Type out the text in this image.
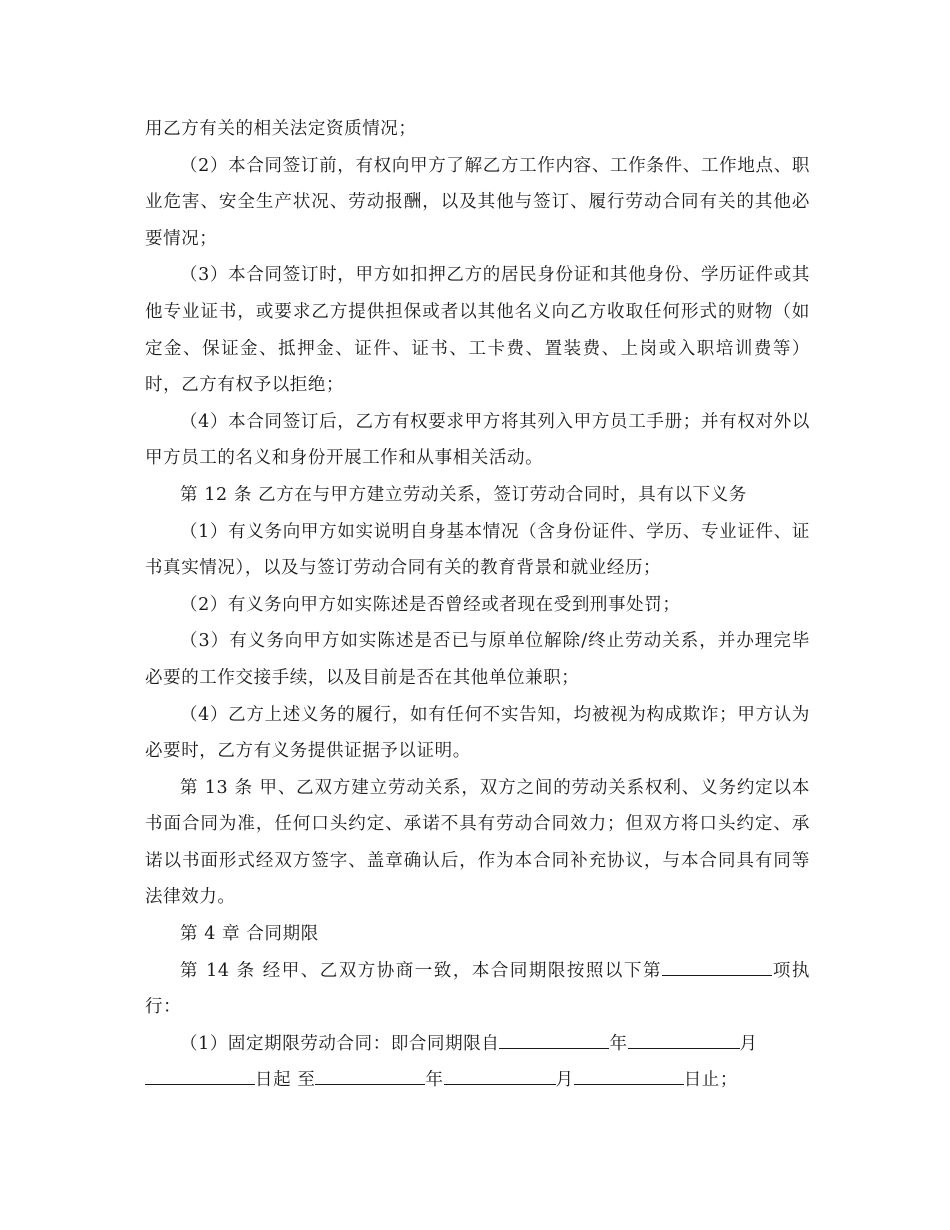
用乙方有关的相关法定资质情况；

（2）本合同签订前，有权向甲方了解乙方工作内容、工作条件、工作地点、职业危害、安全生产状况、劳动报酬，以及其他与签订、履行劳动合同有关的其他必要情况；

（3）本合同签订时，甲方如扣押乙方的居民身份证和其他身份、学历证件或其他专业证书，或要求乙方提供担保或者以其他名义向乙方收取任何形式的财物（如定金、保证金、抵押金、证件、证书、工卡费、置装费、上岗或入职培训费等）时，乙方有权予以拒绝；

（4）本合同签订后，乙方有权要求甲方将其列入甲方员工手册；并有权对外以甲方员工的名义和身份开展工作和从事相关活动。

第 12 条 乙方在与甲方建立劳动关系，签订劳动合同时，具有以下义务

（1）有义务向甲方如实说明自身基本情况（含身份证件、学历、专业证件、证书真实情况），以及与签订劳动合同有关的教育背景和就业经历；

（2）有义务向甲方如实陈述是否曾经或者现在受到刑事处罚；

（3）有义务向甲方如实陈述是否已与原单位解除/终止劳动关系，并办理完毕必要的工作交接手续，以及目前是否在其他单位兼职；

（4）乙方上述义务的履行，如有任何不实告知，均被视为构成欺诈；甲方认为必要时，乙方有义务提供证据予以证明。

第 13 条 甲、乙双方建立劳动关系，双方之间的劳动关系权利、义务约定以本书面合同为准，任何口头约定、承诺不具有劳动合同效力；但双方将口头约定、承诺以书面形式经双方签字、盖章确认后，作为本合同补充协议，与本合同具有同等法律效力。

第 4 章 合同期限

第 14 条 经甲、乙双方协商一致，本合同期限按照以下第	项执行：

（1）固定期限劳动合同：即合同期限自	年	月

日起 至	年	月	日止；
